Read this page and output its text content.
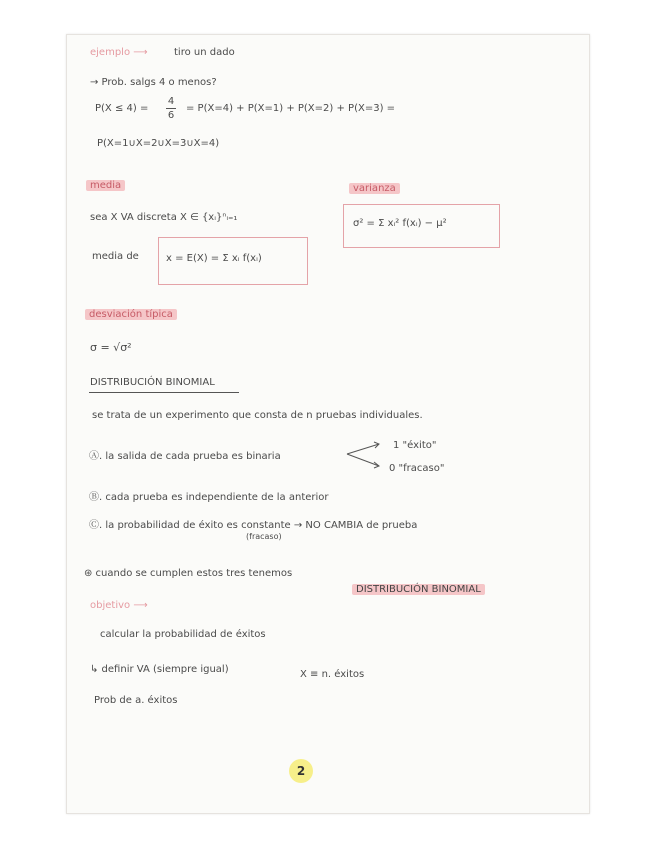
ejemplo ⟶	tiro un dado
→ Prob. salgs 4 o menos?
P(X ≤ 4) =
4
6
= P(X=4) + P(X=1) + P(X=2) + P(X=3) =
P(X=1∪X=2∪X=3∪X=4)
media
sea X VA discreta X ∈ {xᵢ}ⁿᵢ₌₁
media de	x = E(X) = Σ xᵢ f(xᵢ)
varianza
σ² = Σ xᵢ² f(xᵢ) − μ²
desviación típica
σ = √σ²
DISTRIBUCIÓN BINOMIAL
se trata de un experimento que consta de n pruebas individuales.
Ⓐ. la salida de cada prueba es binaria
1 "éxito"
0 "fracaso"
Ⓑ. cada prueba es independiente de la anterior
Ⓒ. la probabilidad de éxito es constante → NO CAMBIA de prueba
(fracaso)
⊛ cuando se cumplen estos tres tenemos
DISTRIBUCIÓN BINOMIAL
objetivo ⟶
calcular la probabilidad de éxitos
↳ definir VA (siempre igual)	X ≡ n. éxitos
Prob de a. éxitos
2
